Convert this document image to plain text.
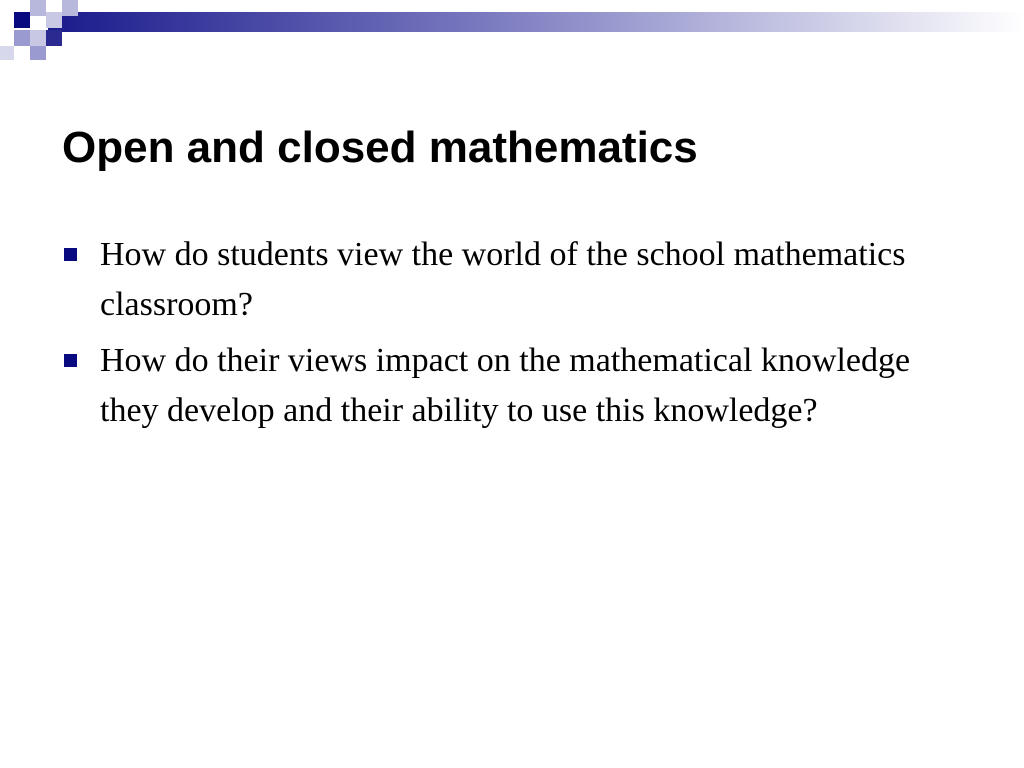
Open and closed mathematics
How do students view the world of the school mathematics classroom?
How do their views impact on the mathematical knowledge they develop and their ability to use this knowledge?
